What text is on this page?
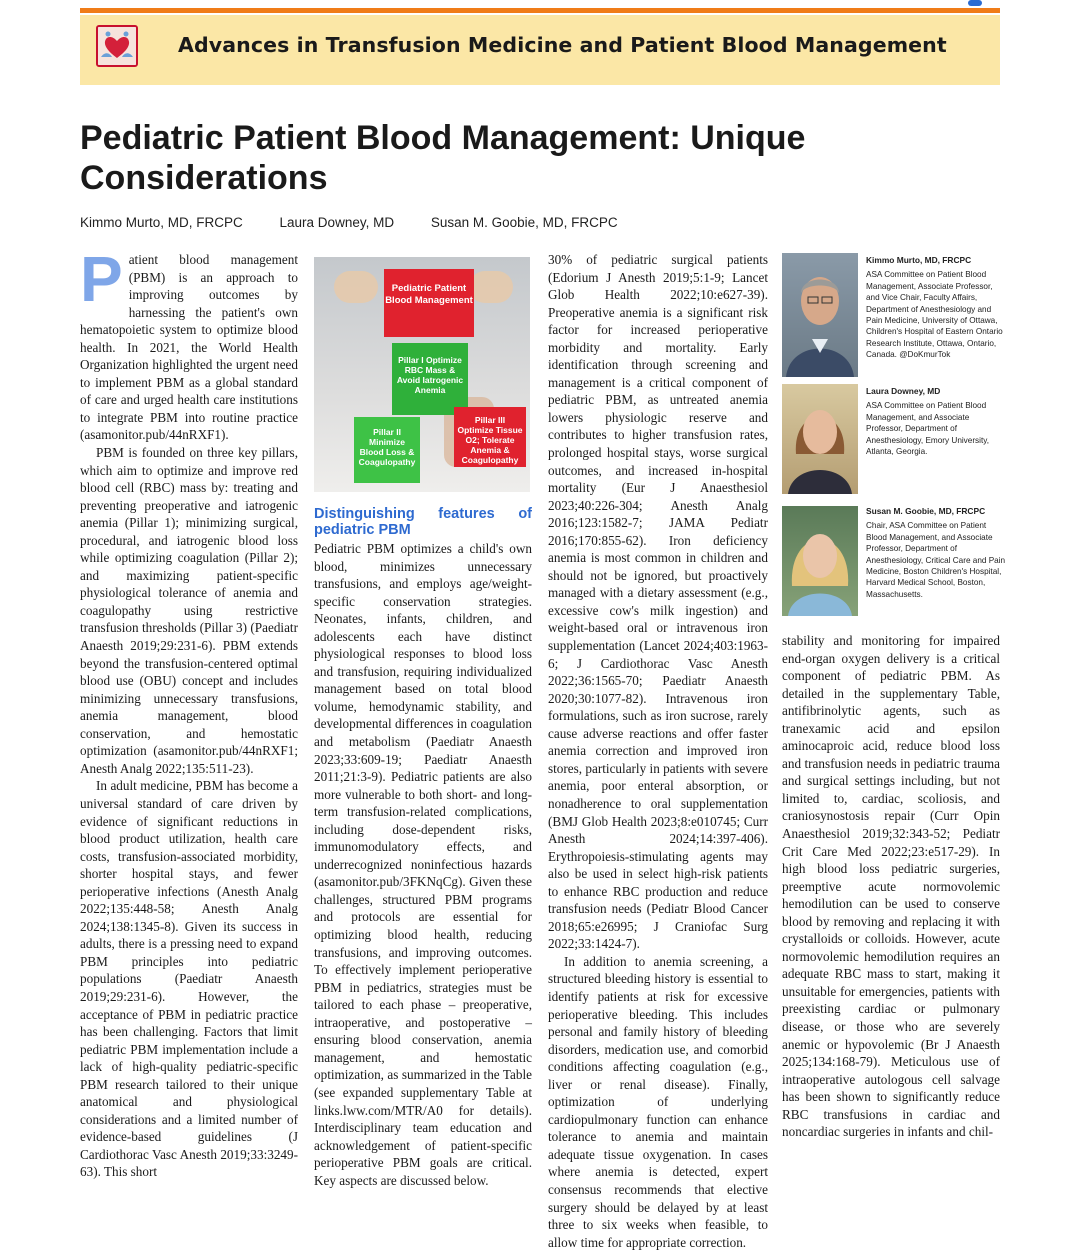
Advances in Transfusion Medicine and Patient Blood Management
Pediatric Patient Blood Management: Unique Considerations
Kimmo Murto, MD, FRCPC	Laura Downey, MD	Susan M. Goobie, MD, FRCPC

Patient blood management (PBM) is an approach to improving outcomes by harnessing the patient's own hematopoietic system to optimize blood health. In 2021, the World Health Organization highlighted the urgent need to implement PBM as a global standard of care and urged health care institutions to integrate PBM into routine practice (asamonitor.pub/44nRXF1).

PBM is founded on three key pillars, which aim to optimize and improve red blood cell (RBC) mass by: treating and preventing preoperative and iatrogenic anemia (Pillar 1); minimizing surgical, procedural, and iatrogenic blood loss while optimizing coagulation (Pillar 2); and maximizing patient-specific physiological tolerance of anemia and coagulopathy using restrictive transfusion thresholds (Pillar 3) (Paediatr Anaesth 2019;29:231-6). PBM extends beyond the transfusion-centered optimal blood use (OBU) concept and includes minimizing unnecessary transfusions, anemia management, blood conservation, and hemostatic optimization (asamonitor.pub/44nRXF1; Anesth Analg 2022;135:511-23).

In adult medicine, PBM has become a universal standard of care driven by evidence of significant reductions in blood product utilization, health care costs, transfusion-associated morbidity, shorter hospital stays, and fewer perioperative infections (Anesth Analg 2022;135:448-58; Anesth Analg 2024;138:1345-8). Given its success in adults, there is a pressing need to expand PBM principles into pediatric populations (Paediatr Anaesth 2019;29:231-6). However, the acceptance of PBM in pediatric practice has been challenging. Factors that limit pediatric PBM implementation include a lack of high-quality pediatric-specific PBM research tailored to their unique anatomical and physiological considerations and a limited number of evidence-based guidelines (J Cardiothorac Vasc Anesth 2019;33:3249-63). This short

Pediatric Patient Blood Management
Pillar I Optimize RBC Mass & Avoid Iatrogenic Anemia
Pillar II Minimize Blood Loss & Coagulopathy
Pillar III Optimize Tissue O2; Tolerate Anemia & Coagulopathy
Distinguishing features of pediatric PBM

Pediatric PBM optimizes a child's own blood, minimizes unnecessary transfusions, and employs age/weight-specific conservation strategies. Neonates, infants, children, and adolescents each have distinct physiological responses to blood loss and transfusion, requiring individualized management based on total blood volume, hemodynamic stability, and developmental differences in coagulation and metabolism (Paediatr Anaesth 2023;33:609-19; Paediatr Anaesth 2011;21:3-9). Pediatric patients are also more vulnerable to both short- and long-term transfusion-related complications, including dose-dependent risks, immunomodulatory effects, and underrecognized noninfectious hazards (asamonitor.pub/3FKNqCg). Given these challenges, structured PBM programs and protocols are essential for optimizing blood health, reducing transfusions, and improving outcomes. To effectively implement perioperative PBM in pediatrics, strategies must be tailored to each phase – preoperative, intraoperative, and postoperative – ensuring blood conservation, anemia management, and hemostatic optimization, as summarized in the Table (see expanded supplementary Table at links.lww.com/MTR/A0 for details). Interdisciplinary team education and acknowledgement of patient-specific perioperative PBM goals are critical. Key aspects are discussed below.

30% of pediatric surgical patients (Edorium J Anesth 2019;5:1-9; Lancet Glob Health 2022;10:e627-39). Preoperative anemia is a significant risk factor for increased perioperative morbidity and mortality. Early identification through screening and management is a critical component of pediatric PBM, as untreated anemia lowers physiologic reserve and contributes to higher transfusion rates, prolonged hospital stays, worse surgical outcomes, and increased in-hospital mortality (Eur J Anaesthesiol 2023;40:226-304; Anesth Analg 2016;123:1582-7; JAMA Pediatr 2016;170:855-62). Iron deficiency anemia is most common in children and should not be ignored, but proactively managed with a dietary assessment (e.g., excessive cow's milk ingestion) and weight-based oral or intravenous iron supplementation (Lancet 2024;403:1963-6; J Cardiothorac Vasc Anesth 2022;36:1565-70; Paediatr Anaesth 2020;30:1077-82). Intravenous iron formulations, such as iron sucrose, rarely cause adverse reactions and offer faster anemia correction and improved iron stores, particularly in patients with severe anemia, poor enteral absorption, or nonadherence to oral supplementation (BMJ Glob Health 2023;8:e010745; Curr Anesth 2024;14:397-406). Erythropoiesis-stimulating agents may also be used in select high-risk patients to enhance RBC production and reduce transfusion needs (Pediatr Blood Cancer 2018;65:e26995; J Craniofac Surg 2022;33:1424-7).

In addition to anemia screening, a structured bleeding history is essential to identify patients at risk for excessive perioperative bleeding. This includes personal and family history of bleeding disorders, medication use, and comorbid conditions affecting coagulation (e.g., liver or renal disease). Finally, optimization of underlying cardiopulmonary function can enhance tolerance to anemia and maintain adequate tissue oxygenation. In cases where anemia is detected, expert consensus recommends that elective surgery should be delayed by at least three to six weeks when feasible, to allow time for appropriate correction.

Kimmo Murto, MD, FRCPC
ASA Committee on Patient Blood Management, Associate Professor, and Vice Chair, Faculty Affairs, Department of Anesthesiology and Pain Medicine, University of Ottawa, Children's Hospital of Eastern Ontario Research Institute, Ottawa, Ontario, Canada. @DoKmurTok
Laura Downey, MD
ASA Committee on Patient Blood Management, and Associate Professor, Department of Anesthesiology, Emory University, Atlanta, Georgia.
Susan M. Goobie, MD, FRCPC
Chair, ASA Committee on Patient Blood Management, and Associate Professor, Department of Anesthesiology, Critical Care and Pain Medicine, Boston Children's Hospital, Harvard Medical School, Boston, Massachusetts.

stability and monitoring for impaired end-organ oxygen delivery is a critical component of pediatric PBM. As detailed in the supplementary Table, antifibrinolytic agents, such as tranexamic acid and epsilon aminocaproic acid, reduce blood loss and transfusion needs in pediatric trauma and surgical settings including, but not limited to, cardiac, scoliosis, and craniosynostosis repair (Curr Opin Anaesthesiol 2019;32:343-52; Pediatr Crit Care Med 2022;23:e517-29). In high blood loss pediatric surgeries, preemptive acute normovolemic hemodilution can be used to conserve blood by removing and replacing it with crystalloids or colloids. However, acute normovolemic hemodilution requires an adequate RBC mass to start, making it unsuitable for emergencies, patients with preexisting cardiac or pulmonary disease, or those who are severely anemic or hypovolemic (Br J Anaesth 2025;134:168-79). Meticulous use of intraoperative autologous cell salvage has been shown to significantly reduce RBC transfusions in cardiac and noncardiac surgeries in infants and chil-
